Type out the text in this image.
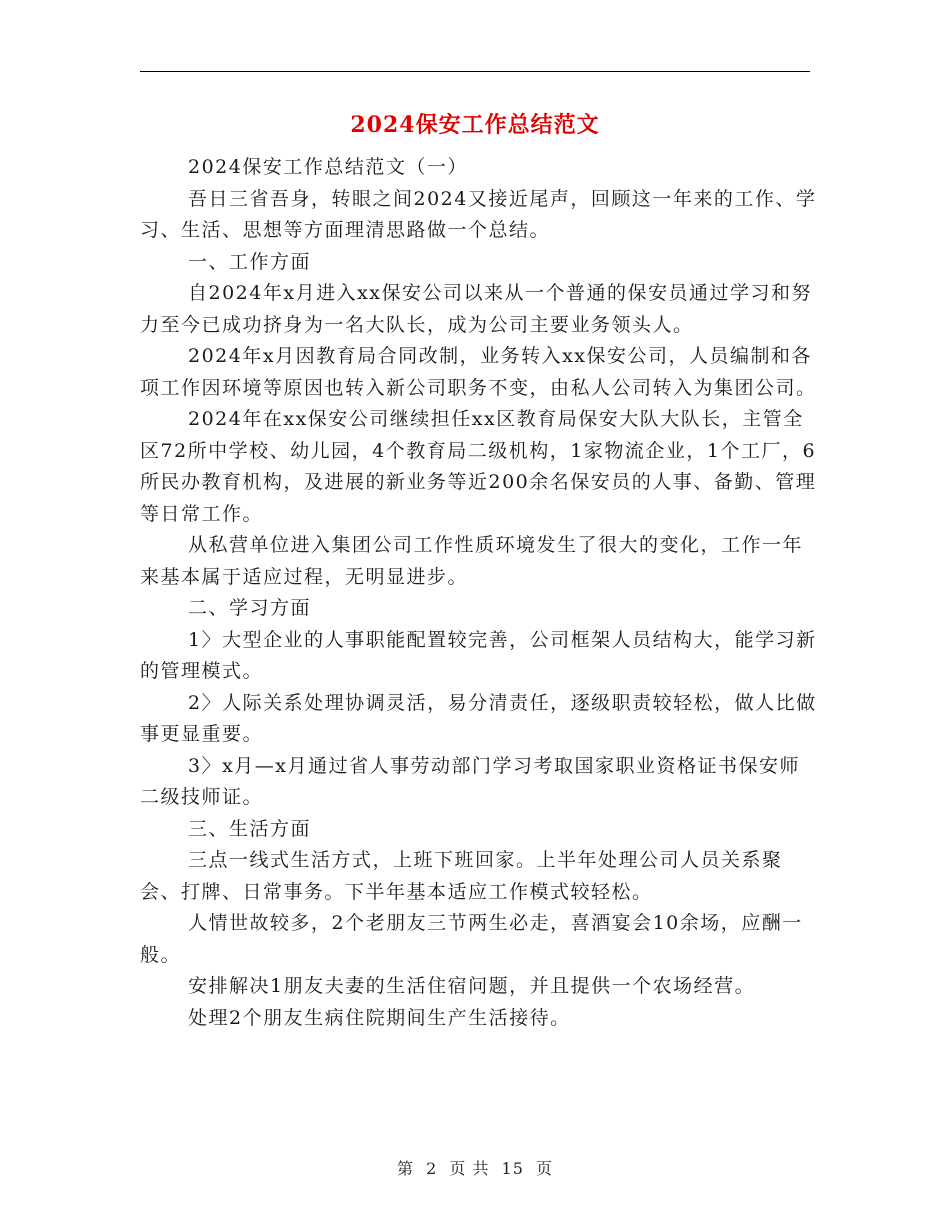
2024保安工作总结范文

2024保安工作总结范文（一）

吾日三省吾身，转眼之间2024又接近尾声，回顾这一年来的工作、学习、生活、思想等方面理清思路做一个总结。

一、工作方面

自2024年x月进入xx保安公司以来从一个普通的保安员通过学习和努力至今已成功挤身为一名大队长，成为公司主要业务领头人。

2024年x月因教育局合同改制，业务转入xx保安公司，人员编制和各项工作因环境等原因也转入新公司职务不变，由私人公司转入为集团公司。

2024年在xx保安公司继续担任xx区教育局保安大队大队长，主管全区72所中学校、幼儿园，4个教育局二级机构，1家物流企业，1个工厂，6所民办教育机构，及进展的新业务等近200余名保安员的人事、备勤、管理等日常工作。

从私营单位进入集团公司工作性质环境发生了很大的变化，工作一年来基本属于适应过程，无明显进步。

二、学习方面

1〉大型企业的人事职能配置较完善，公司框架人员结构大，能学习新的管理模式。

2〉人际关系处理协调灵活，易分清责任，逐级职责较轻松，做人比做事更显重要。

3〉x月—x月通过省人事劳动部门学习考取国家职业资格证书保安师二级技师证。

三、生活方面

三点一线式生活方式，上班下班回家。上半年处理公司人员关系聚会、打牌、日常事务。下半年基本适应工作模式较轻松。

人情世故较多，2个老朋友三节两生必走，喜酒宴会10余场，应酬一般。

安排解决1朋友夫妻的生活住宿问题，并且提供一个农场经营。

处理2个朋友生病住院期间生产生活接待。

第 2 页 共 15 页
